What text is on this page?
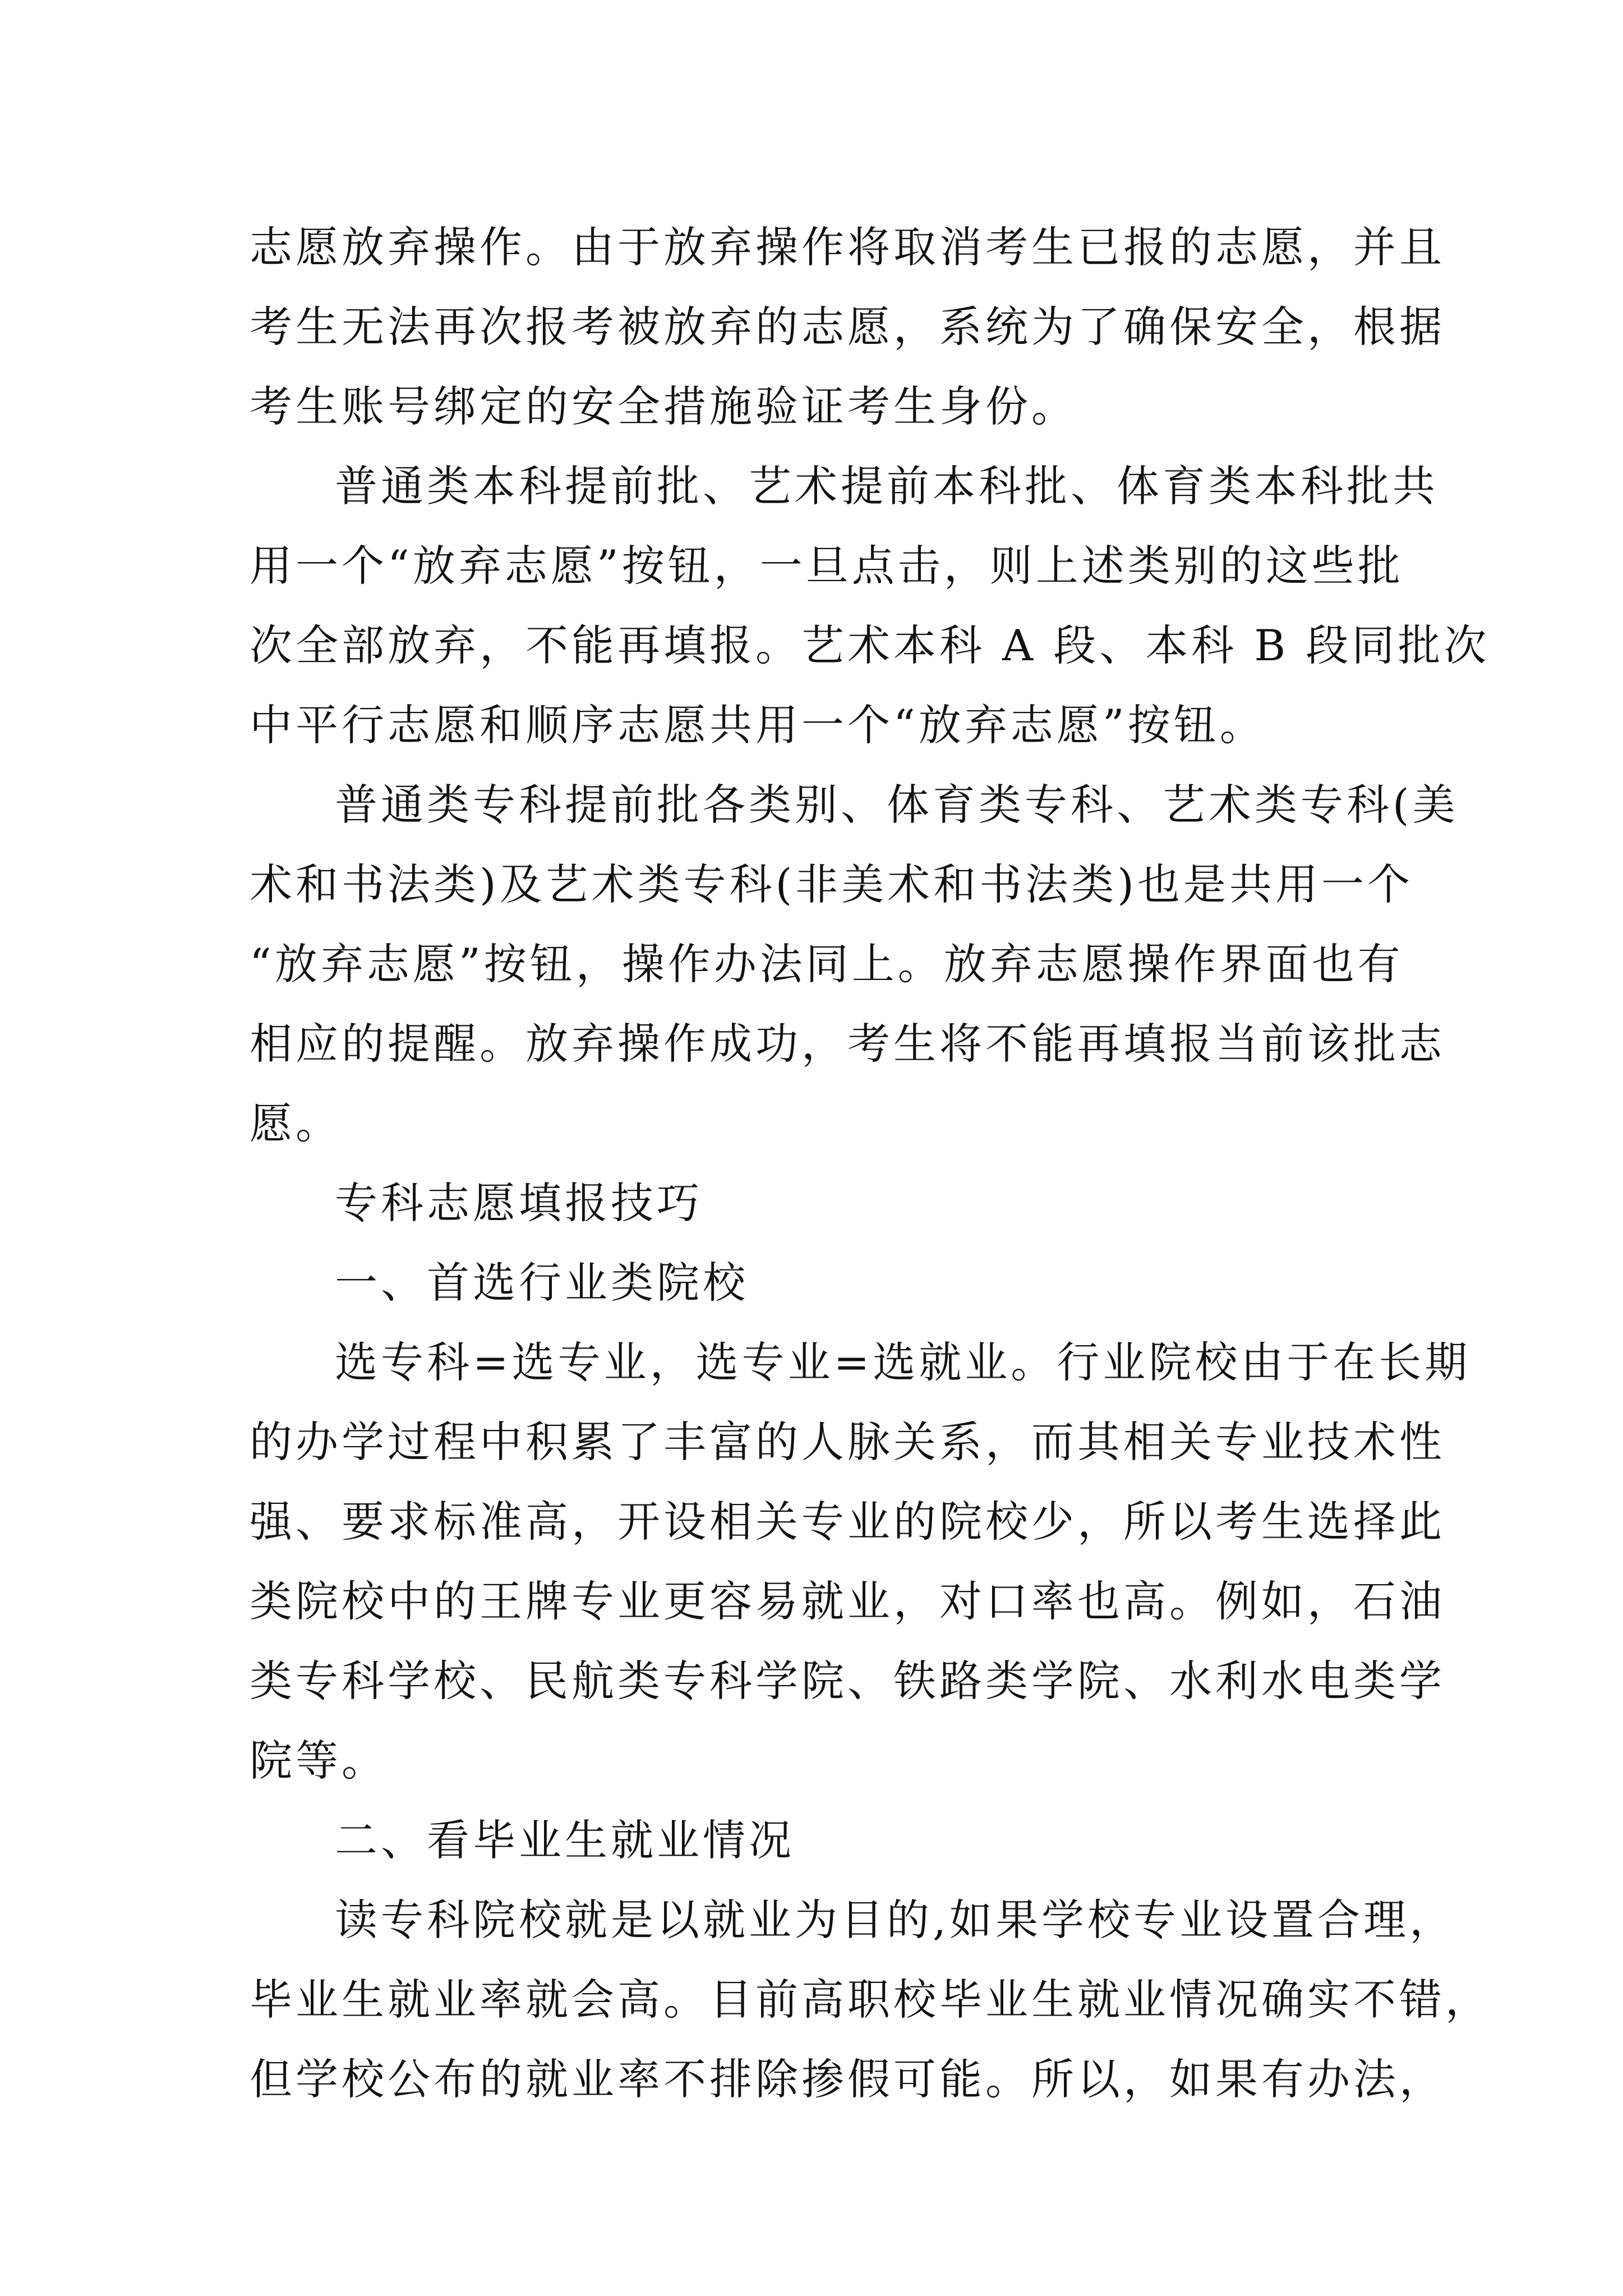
志愿放弃操作。由于放弃操作将取消考生已报的志愿，并且
考生无法再次报考被放弃的志愿，系统为了确保安全，根据
考生账号绑定的安全措施验证考生身份。
普通类本科提前批、艺术提前本科批、体育类本科批共
用一个“放弃志愿”按钮，一旦点击，则上述类别的这些批
次全部放弃，不能再填报。艺术本科 A 段、本科 B 段同批次
中平行志愿和顺序志愿共用一个“放弃志愿”按钮。
普通类专科提前批各类别、体育类专科、艺术类专科(美
术和书法类)及艺术类专科(非美术和书法类)也是共用一个
“放弃志愿”按钮，操作办法同上。放弃志愿操作界面也有
相应的提醒。放弃操作成功，考生将不能再填报当前该批志
愿。
专科志愿填报技巧
一、首选行业类院校
选专科=选专业，选专业=选就业。行业院校由于在长期
的办学过程中积累了丰富的人脉关系，而其相关专业技术性
强、要求标准高，开设相关专业的院校少，所以考生选择此
类院校中的王牌专业更容易就业，对口率也高。例如，石油
类专科学校、民航类专科学院、铁路类学院、水利水电类学
院等。
二、看毕业生就业情况
读专科院校就是以就业为目的,如果学校专业设置合理，
毕业生就业率就会高。目前高职校毕业生就业情况确实不错，
但学校公布的就业率不排除掺假可能。所以，如果有办法，
